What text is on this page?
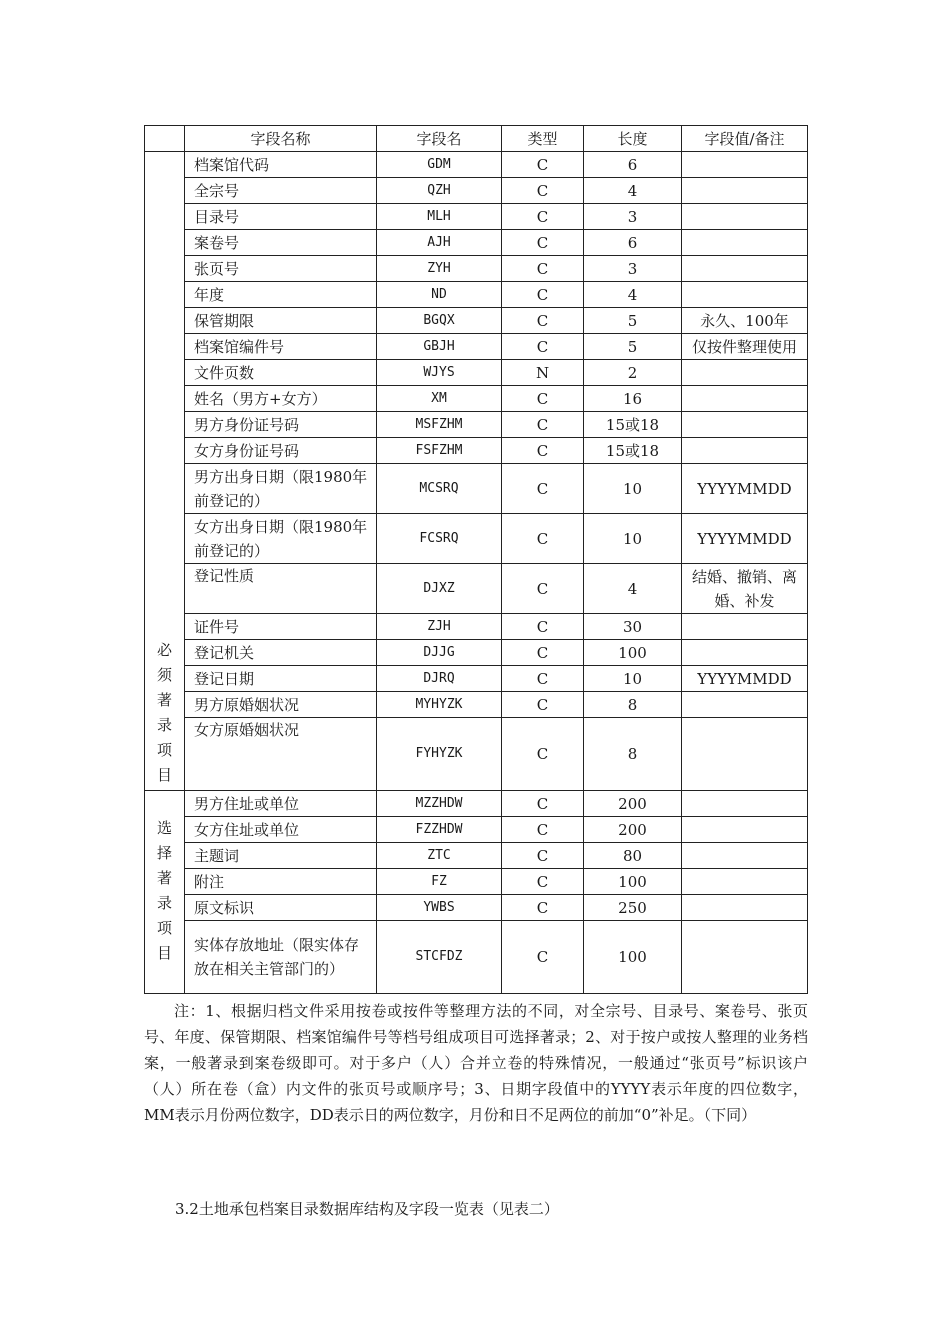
	字段名称	字段名	类型	长度	字段值/备注
必须著录项目	档案馆代码	GDM	C	6	
	全宗号	QZH	C	4	
	目录号	MLH	C	3	
	案卷号	AJH	C	6	
	张页号	ZYH	C	3	
	年度	ND	C	4	
	保管期限	BGQX	C	5	永久、100年
	档案馆编件号	GBJH	C	5	仅按件整理使用
	文件页数	WJYS	N	2	
	姓名（男方+女方）	XM	C	16	
	男方身份证号码	MSFZHM	C	15或18	
	女方身份证号码	FSFZHM	C	15或18	
	男方出身日期（限1980年前登记的）	MCSRQ	C	10	YYYYMMDD
	女方出身日期（限1980年前登记的）	FCSRQ	C	10	YYYYMMDD
	登记性质	DJXZ	C	4	结婚、撤销、离婚、补发
	证件号	ZJH	C	30	
	登记机关	DJJG	C	100	
	登记日期	DJRQ	C	10	YYYYMMDD
	男方原婚姻状况	MYHYZK	C	8	
	女方原婚姻状况	FYHYZK	C	8	
选择著录项目	男方住址或单位	MZZHDW	C	200	
	女方住址或单位	FZZHDW	C	200	
	主题词	ZTC	C	80	
	附注	FZ	C	100	
	原文标识	YWBS	C	250	
	实体存放地址（限实体存放在相关主管部门的）	STCFDZ	C	100	

注：1、根据归档文件采用按卷或按件等整理方法的不同，对全宗号、目录号、案卷号、张页号、年度、保管期限、档案馆编件号等档号组成项目可选择著录；2、对于按户或按人整理的业务档案，一般著录到案卷级即可。对于多户（人）合并立卷的特殊情况，一般通过“张页号”标识该户（人）所在卷（盒）内文件的张页号或顺序号；3、日期字段值中的YYYY表示年度的四位数字，MM表示月份两位数字，DD表示日的两位数字，月份和日不足两位的前加“0”补足。（下同）

3.2土地承包档案目录数据库结构及字段一览表（见表二）
